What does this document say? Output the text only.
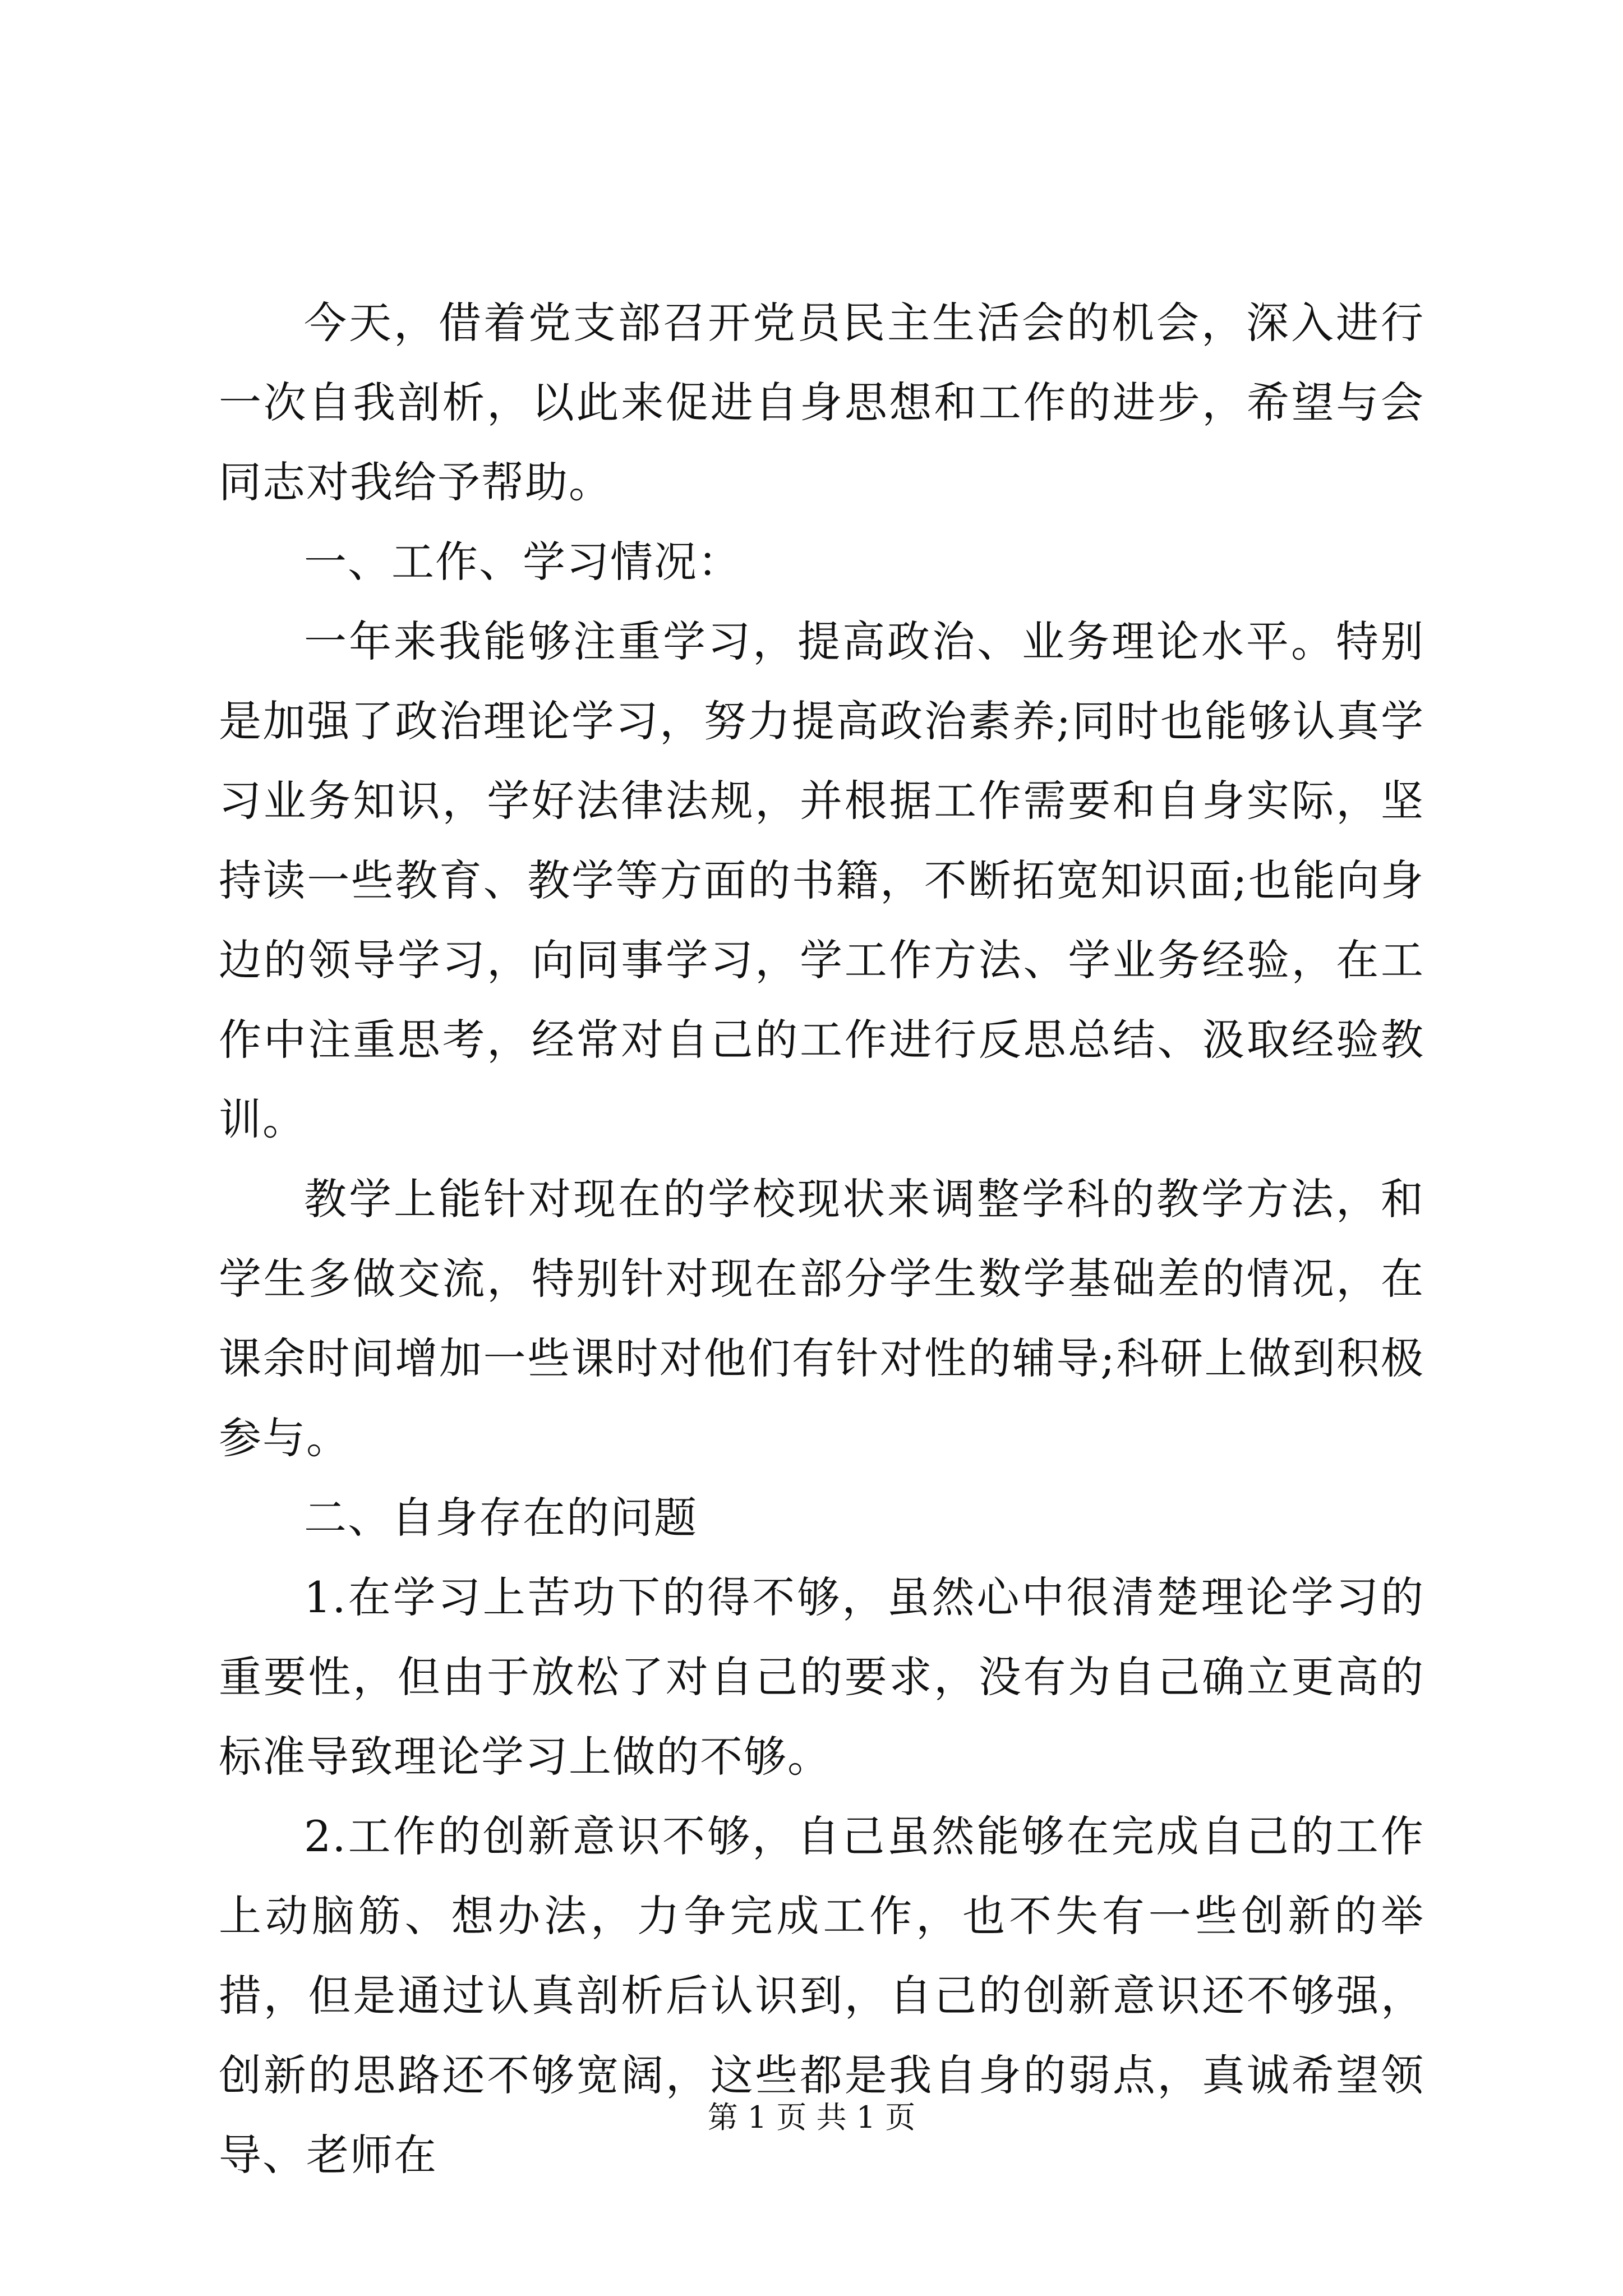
今天，借着党支部召开党员民主生活会的机会，深入进行一次自我剖析，以此来促进自身思想和工作的进步，希望与会同志对我给予帮助。

一、工作、学习情况：

一年来我能够注重学习，提高政治、业务理论水平。特别是加强了政治理论学习，努力提高政治素养;同时也能够认真学习业务知识，学好法律法规，并根据工作需要和自身实际，坚持读一些教育、教学等方面的书籍，不断拓宽知识面;也能向身边的领导学习，向同事学习，学工作方法、学业务经验，在工作中注重思考，经常对自己的工作进行反思总结、汲取经验教训。

教学上能针对现在的学校现状来调整学科的教学方法，和学生多做交流，特别针对现在部分学生数学基础差的情况，在课余时间增加一些课时对他们有针对性的辅导;科研上做到积极参与。

二、自身存在的问题

1.在学习上苦功下的得不够，虽然心中很清楚理论学习的重要性，但由于放松了对自己的要求，没有为自己确立更高的标准导致理论学习上做的不够。

2.工作的创新意识不够，自己虽然能够在完成自己的工作上动脑筋、想办法，力争完成工作，也不失有一些创新的举措，但是通过认真剖析后认识到，自己的创新意识还不够强，创新的思路还不够宽阔，这些都是我自身的弱点，真诚希望领导、老师在

第 1 页 共 1 页
